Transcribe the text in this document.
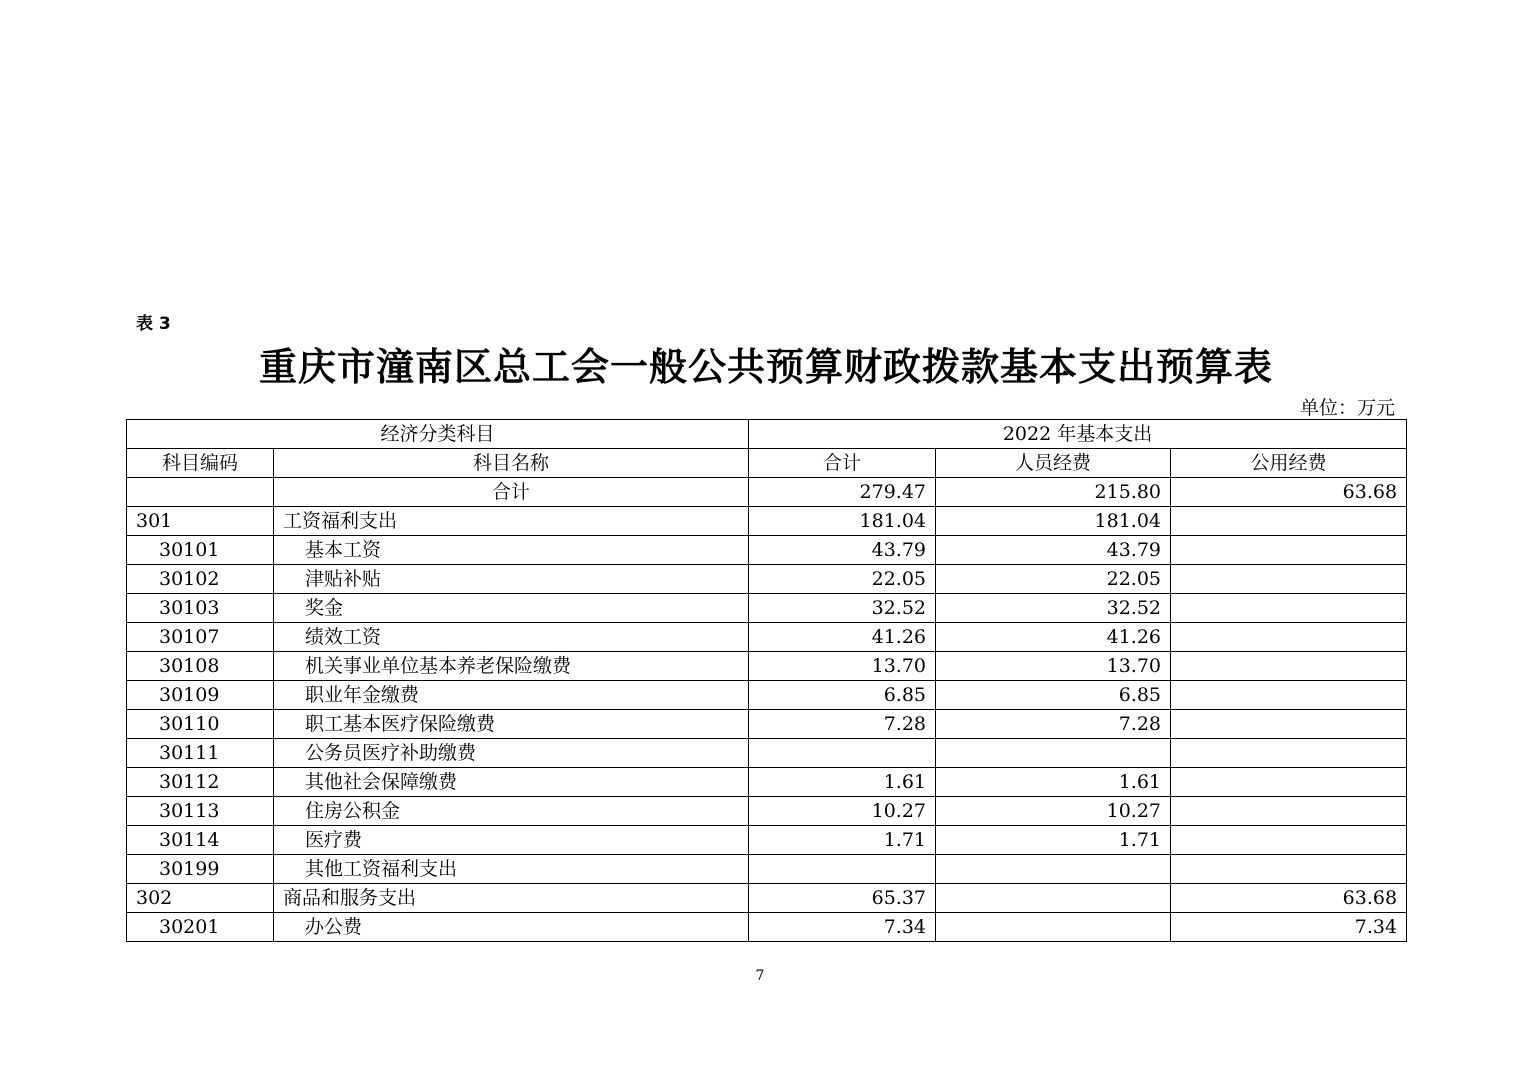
表 3
重庆市潼南区总工会一般公共预算财政拨款基本支出预算表
单位：万元
经济分类科目		2022 年基本支出		
科目编码	科目名称	合计	人员经费	公用经费
	合计	279.47	215.80	63.68
301	工资福利支出	181.04	181.04	
30101	基本工资	43.79	43.79	
30102	津贴补贴	22.05	22.05	
30103	奖金	32.52	32.52	
30107	绩效工资	41.26	41.26	
30108	机关事业单位基本养老保险缴费	13.70	13.70	
30109	职业年金缴费	6.85	6.85	
30110	职工基本医疗保险缴费	7.28	7.28	
30111	公务员医疗补助缴费			
30112	其他社会保障缴费	1.61	1.61	
30113	住房公积金	10.27	10.27	
30114	医疗费	1.71	1.71	
30199	其他工资福利支出			
302	商品和服务支出	65.37		63.68
30201	办公费	7.34		7.34
7
